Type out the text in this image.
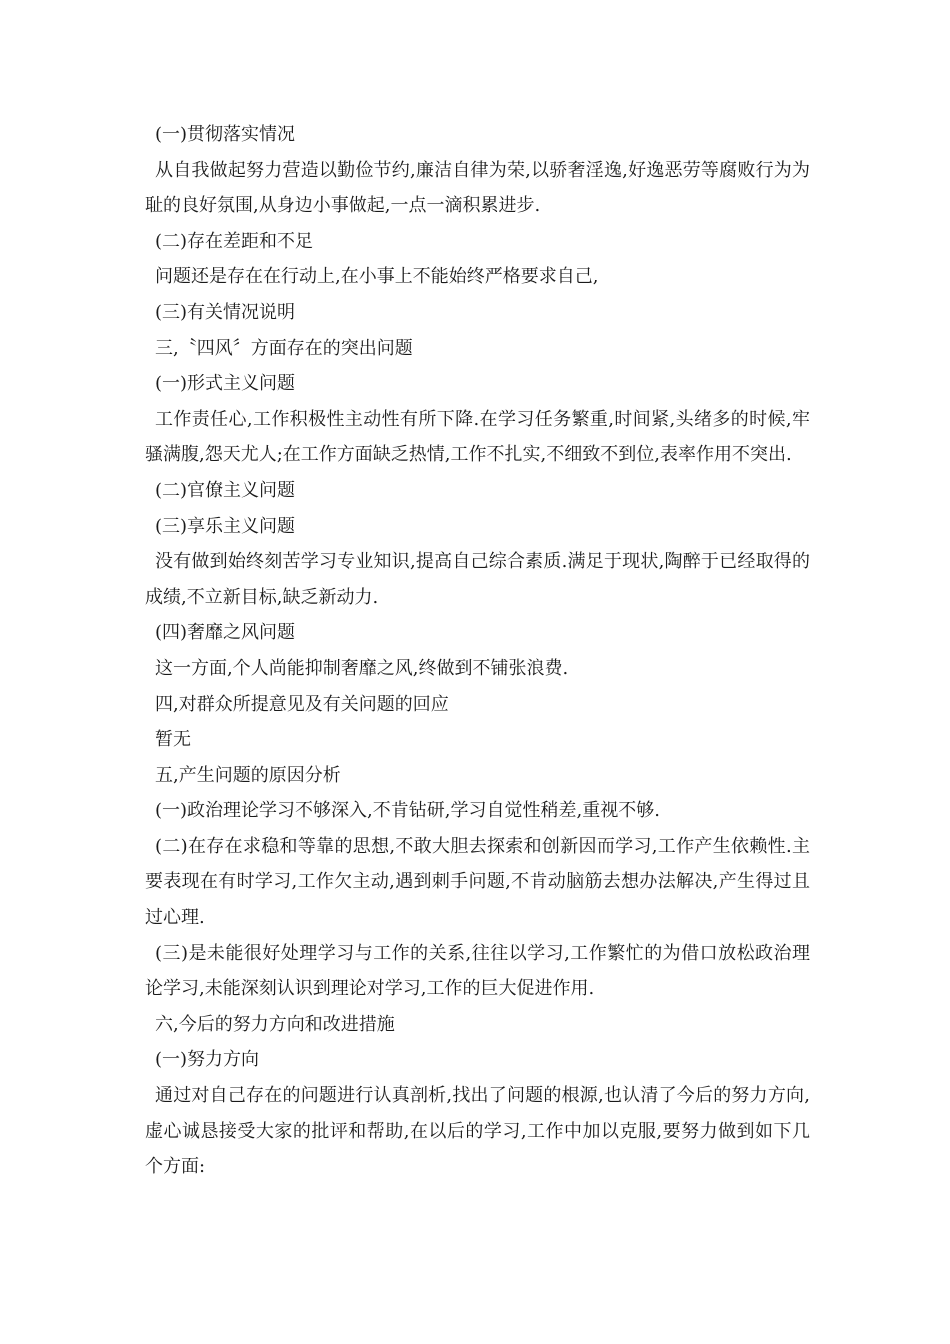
(一)贯彻落实情况

从自我做起努力营造以勤俭节约,廉洁自律为荣,以骄奢淫逸,好逸恶劳等腐败行为为耻的良好氛围,从身边小事做起,一点一滴积累进步.

(二)存在差距和不足

问题还是存在在行动上,在小事上不能始终严格要求自己,

(三)有关情况说明

三,〝四风〞方面存在的突出问题

(一)形式主义问题

工作责任心,工作积极性主动性有所下降.在学习任务繁重,时间紧,头绪多的时候,牢骚满腹,怨天尤人;在工作方面缺乏热情,工作不扎实,不细致不到位,表率作用不突出.

(二)官僚主义问题

(三)享乐主义问题

没有做到始终刻苦学习专业知识,提高自己综合素质.满足于现状,陶醉于已经取得的成绩,不立新目标,缺乏新动力.

(四)奢靡之风问题

这一方面,个人尚能抑制奢靡之风,终做到不铺张浪费.

四,对群众所提意见及有关问题的回应

暂无

五,产生问题的原因分析

(一)政治理论学习不够深入,不肯钻研,学习自觉性稍差,重视不够.

(二)在存在求稳和等靠的思想,不敢大胆去探索和创新因而学习,工作产生依赖性.主要表现在有时学习,工作欠主动,遇到刺手问题,不肯动脑筋去想办法解决,产生得过且过心理.

(三)是未能很好处理学习与工作的关系,往往以学习,工作繁忙的为借口放松政治理论学习,未能深刻认识到理论对学习,工作的巨大促进作用.

六,今后的努力方向和改进措施

(一)努力方向

通过对自己存在的问题进行认真剖析,找出了问题的根源,也认清了今后的努力方向,虚心诚恳接受大家的批评和帮助,在以后的学习,工作中加以克服,要努力做到如下几个方面:
